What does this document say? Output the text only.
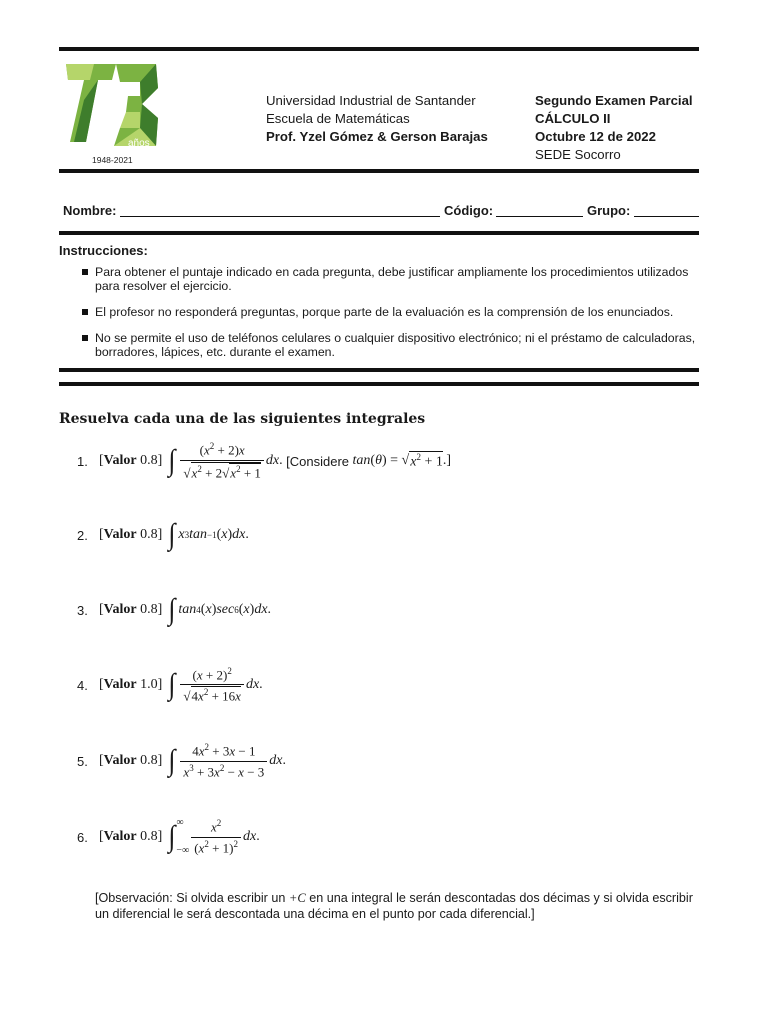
años
1948-2021
Universidad Industrial de Santander
Escuela de Matemáticas
Prof. Yzel Gómez & Gerson Barajas
Segundo Examen Parcial
CÁLCULO II
Octubre 12 de 2022
SEDE Socorro
Nombre:	Código:	Grupo:
Instrucciones:
Para obtener el puntaje indicado en cada pregunta, debe justificar ampliamente los procedimientos utilizados para resolver el ejercicio.
El profesor no responderá preguntas, porque parte de la evaluación es la comprensión de los enunciados.
No se permite el uso de teléfonos celulares o cualquier dispositivo electrónico; ni el préstamo de calculadoras, borradores, lápices, etc. durante el examen.
Resuelva cada una de las siguientes integrales
1. [Valor 0.8] ∫ $\frac{(x^2 + 2)x}{√x^2 + 2√x^2 + 1}$ dx . [Considere
tan ( θ ) = √ $x^2 + 1$ .]
2. [Valor 0.8] ∫ x 3 tan −1 ( x ) dx .
3. [Valor 0.8] ∫ tan 4 ( x ) sec 6 ( x ) dx .
4. [Valor 1.0] ∫ $\frac{(x + 2)^2}{√4x^2 + 16x}$ dx .
5. [Valor 0.8] ∫ $\frac{4x^2 + 3x - 1}{x^3 + 3x^2 - x - 3}$ dx .
6. [Valor 0.8] ∫ ∞
−∞ $\frac{x^2}{(x^2 + 1)^2}$ dx .
[Observación: Si olvida escribir un +C en una integral le serán descontadas dos décimas y si olvida escribir un diferencial le será descontada una décima en el punto por cada diferencial.]
